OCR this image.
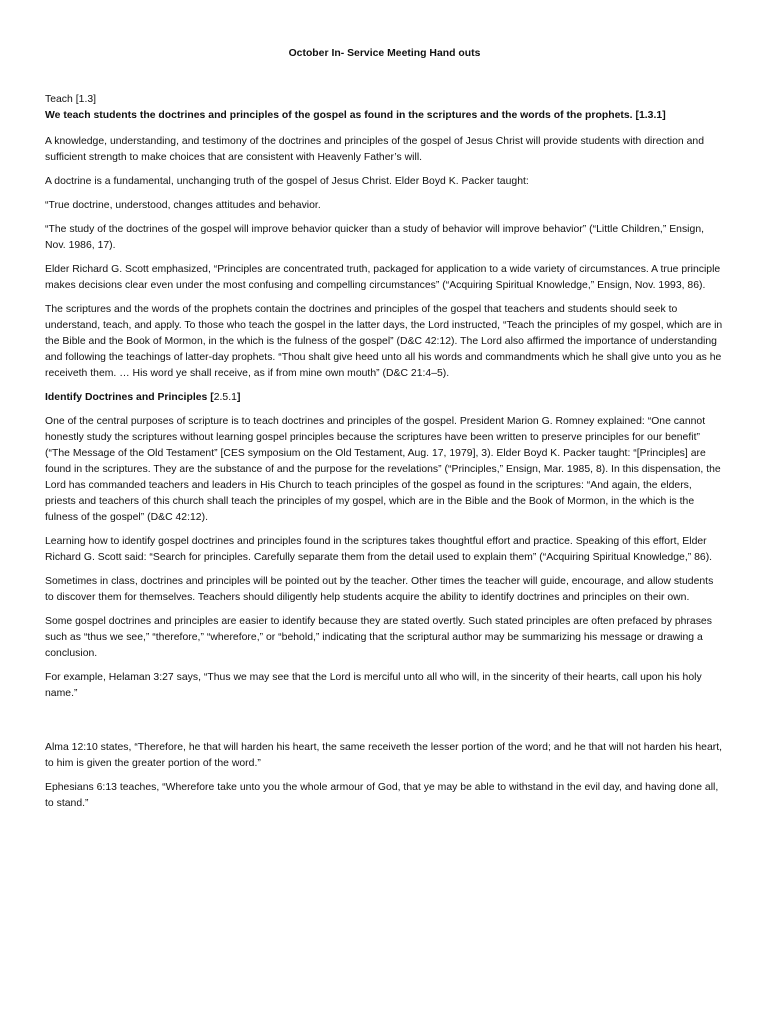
October In- Service Meeting Hand outs
Teach [1.3]
We teach students the doctrines and principles of the gospel as found in the scriptures and the words of the prophets. [1.3.1]

A knowledge, understanding, and testimony of the doctrines and principles of the gospel of Jesus Christ will provide students with direction and sufficient strength to make choices that are consistent with Heavenly Father’s will.

A doctrine is a fundamental, unchanging truth of the gospel of Jesus Christ. Elder Boyd K. Packer taught:

“True doctrine, understood, changes attitudes and behavior.

“The study of the doctrines of the gospel will improve behavior quicker than a study of behavior will improve behavior” (“Little Children,” Ensign, Nov. 1986, 17).

Elder Richard G. Scott emphasized, “Principles are concentrated truth, packaged for application to a wide variety of circumstances. A true principle makes decisions clear even under the most confusing and compelling circumstances” (“Acquiring Spiritual Knowledge,” Ensign, Nov. 1993, 86).

The scriptures and the words of the prophets contain the doctrines and principles of the gospel that teachers and students should seek to understand, teach, and apply. To those who teach the gospel in the latter days, the Lord instructed, “Teach the principles of my gospel, which are in the Bible and the Book of Mormon, in the which is the fulness of the gospel” (D&C 42:12). The Lord also affirmed the importance of understanding and following the teachings of latter-day prophets. “Thou shalt give heed unto all his words and commandments which he shall give unto you as he receiveth them. … His word ye shall receive, as if from mine own mouth” (D&C 21:4–5).

Identify Doctrines and Principles [2.5.1]

One of the central purposes of scripture is to teach doctrines and principles of the gospel. President Marion G. Romney explained: “One cannot honestly study the scriptures without learning gospel principles because the scriptures have been written to preserve principles for our benefit” (“The Message of the Old Testament” [CES symposium on the Old Testament, Aug. 17, 1979], 3). Elder Boyd K. Packer taught: “[Principles] are found in the scriptures. They are the substance of and the purpose for the revelations” (“Principles,” Ensign, Mar. 1985, 8). In this dispensation, the Lord has commanded teachers and leaders in His Church to teach principles of the gospel as found in the scriptures: “And again, the elders, priests and teachers of this church shall teach the principles of my gospel, which are in the Bible and the Book of Mormon, in the which is the fulness of the gospel” (D&C 42:12).

Learning how to identify gospel doctrines and principles found in the scriptures takes thoughtful effort and practice. Speaking of this effort, Elder Richard G. Scott said: “Search for principles. Carefully separate them from the detail used to explain them” (“Acquiring Spiritual Knowledge,” 86).

Sometimes in class, doctrines and principles will be pointed out by the teacher. Other times the teacher will guide, encourage, and allow students to discover them for themselves. Teachers should diligently help students acquire the ability to identify doctrines and principles on their own.

Some gospel doctrines and principles are easier to identify because they are stated overtly. Such stated principles are often prefaced by phrases such as “thus we see,” “therefore,” “wherefore,” or “behold,” indicating that the scriptural author may be summarizing his message or drawing a conclusion.

For example, Helaman 3:27 says, “Thus we may see that the Lord is merciful unto all who will, in the sincerity of their hearts, call upon his holy name.”

Alma 12:10 states, “Therefore, he that will harden his heart, the same receiveth the lesser portion of the word; and he that will not harden his heart, to him is given the greater portion of the word.”

Ephesians 6:13 teaches, “Wherefore take unto you the whole armour of God, that ye may be able to withstand in the evil day, and having done all, to stand.”
